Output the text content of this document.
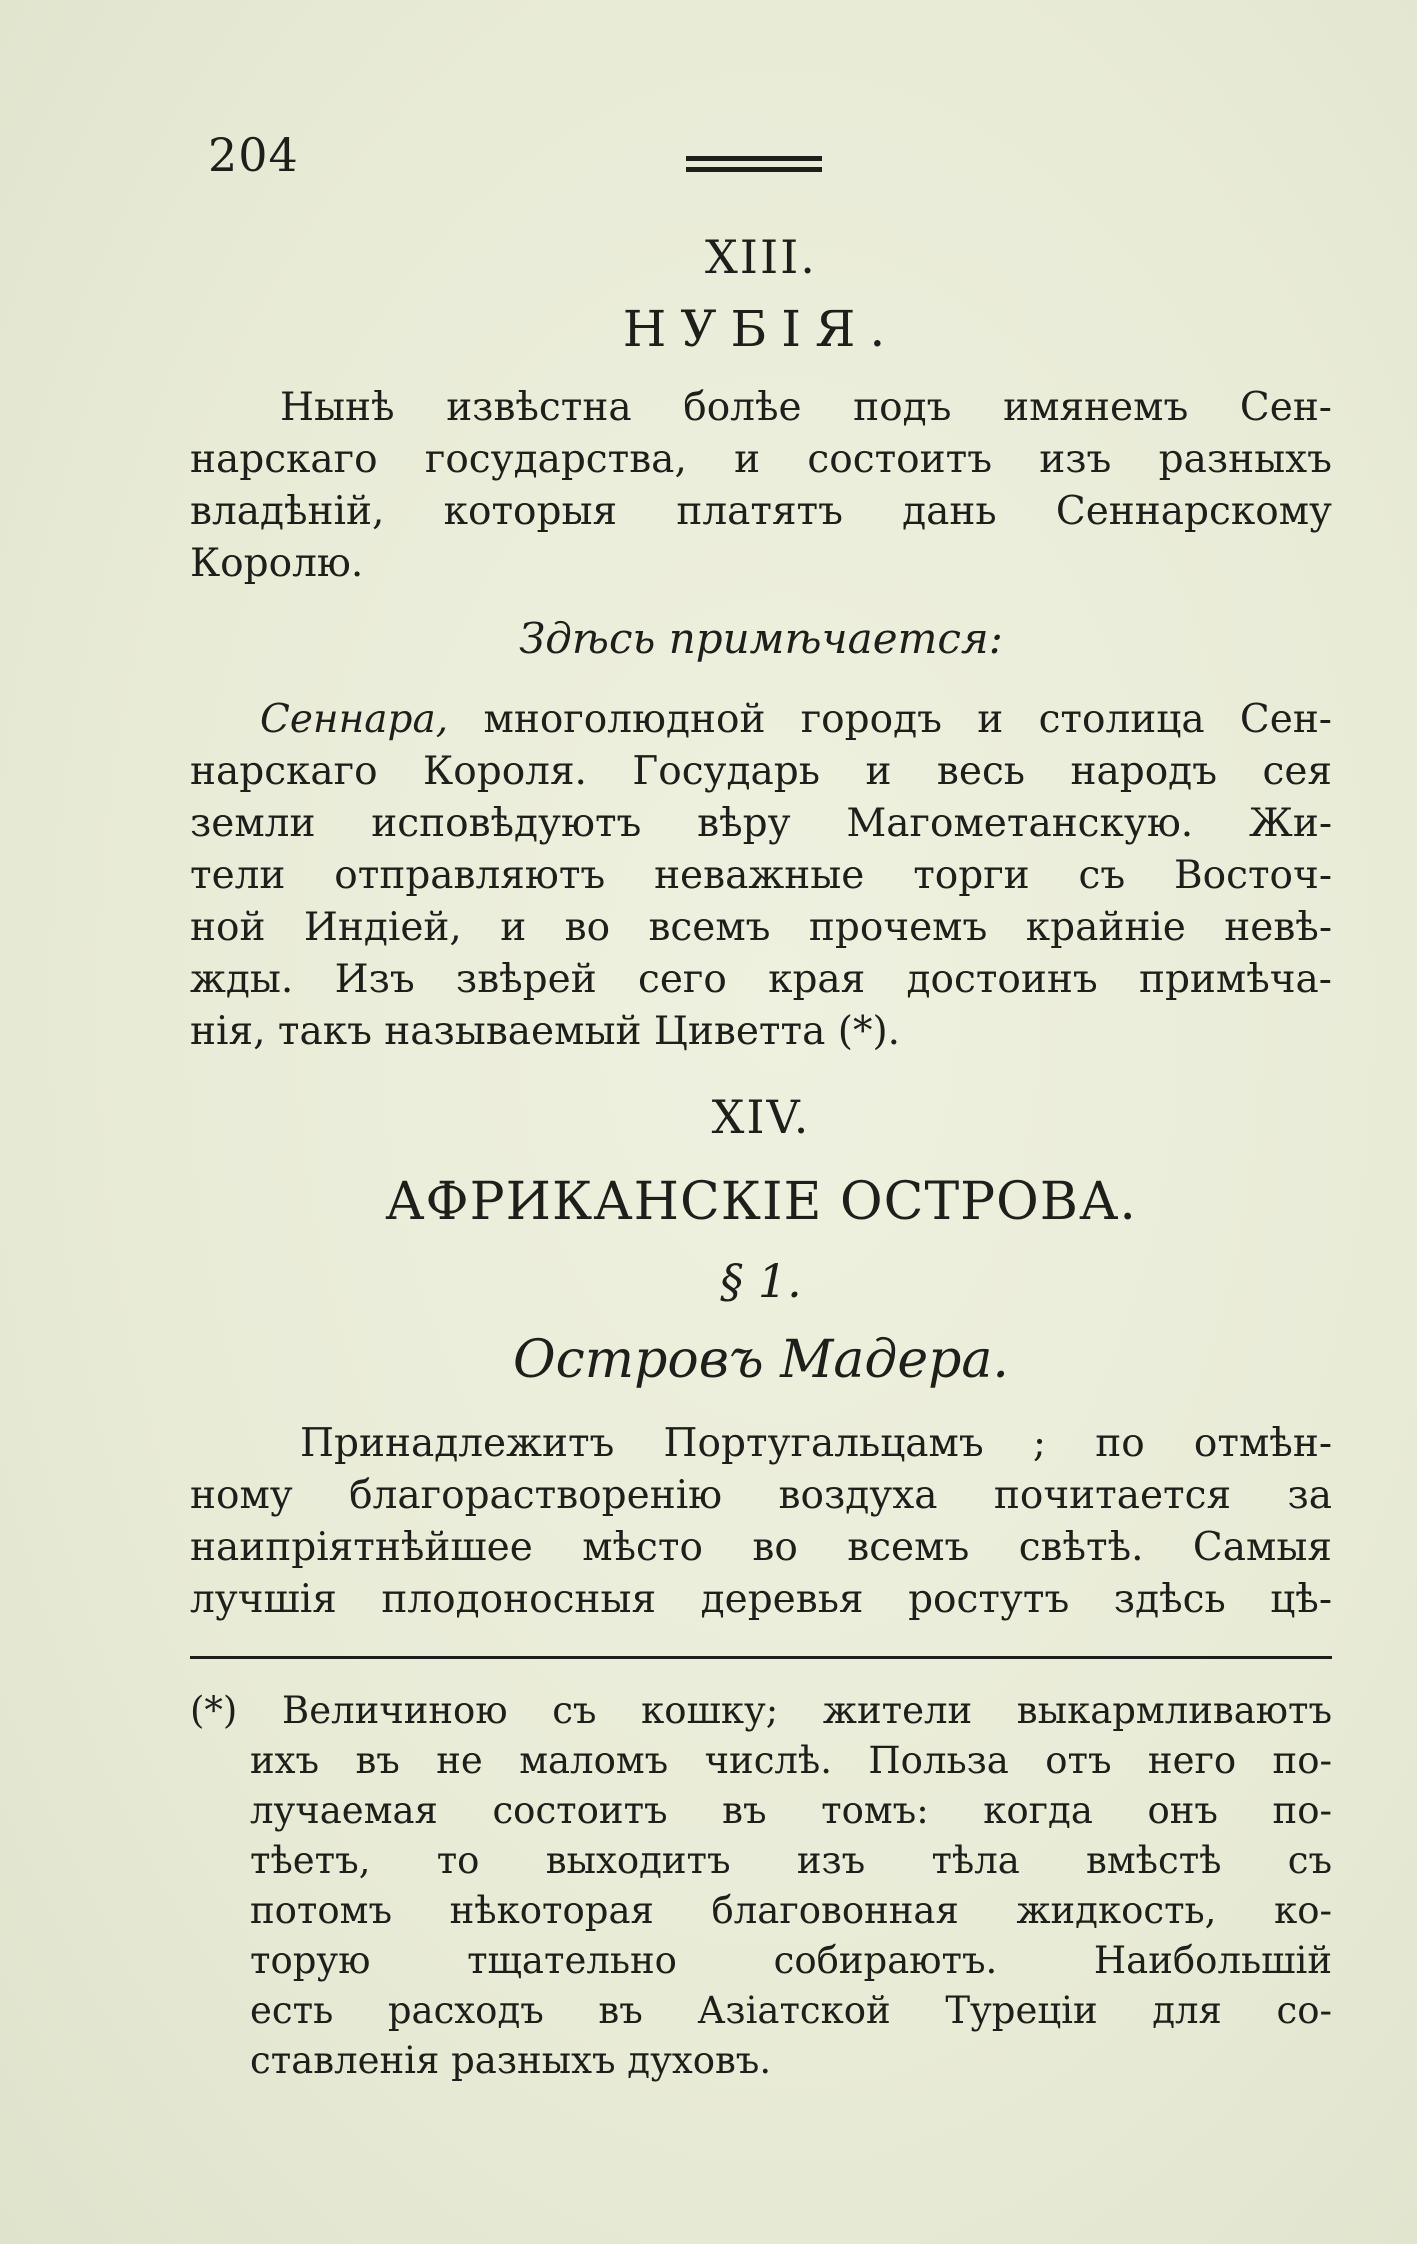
204
XIII.
НУБІЯ.

Нынѣ извѣстна болѣе подъ имянемъ Сен-

нарскаго государства, и состоитъ изъ разныхъ

владѣній, которыя платятъ дань Сеннарскому

Королю.

Здѣсь примѣчается:

Сеннара, многолюдной городъ и столица Сен-

нарскаго Короля. Государь и весь народъ сея

земли исповѣдуютъ вѣру Магометанскую. Жи-

тели отправляютъ неважные торги съ Восточ-

ной Индіей, и во всемъ прочемъ крайніе невѣ-

жды. Изъ звѣрей сего края достоинъ примѣча-

нія, такъ называемый Циветта (*).

XIV.
АФРИКАНСКІЕ ОСТРОВА.
§ 1.
Островъ Мадера.

Принадлежитъ Португальцамъ ; по отмѣн-

ному благорастворенію воздуха почитается за

наипріятнѣйшее мѣсто во всемъ свѣтѣ. Самыя

лучшія плодоносныя деревья ростутъ здѣсь цѣ-

(*) Величиною съ кошку; жители выкармливаютъ

ихъ въ не маломъ числѣ. Польза отъ него по-

лучаемая состоитъ въ томъ: когда онъ по-

тѣетъ, то выходитъ изъ тѣла вмѣстѣ съ

потомъ нѣкоторая благовонная жидкость, ко-

торую тщательно собираютъ. Наибольшій

есть расходъ въ Азіатской Турецiи для со-

ставленія разныхъ духовъ.
